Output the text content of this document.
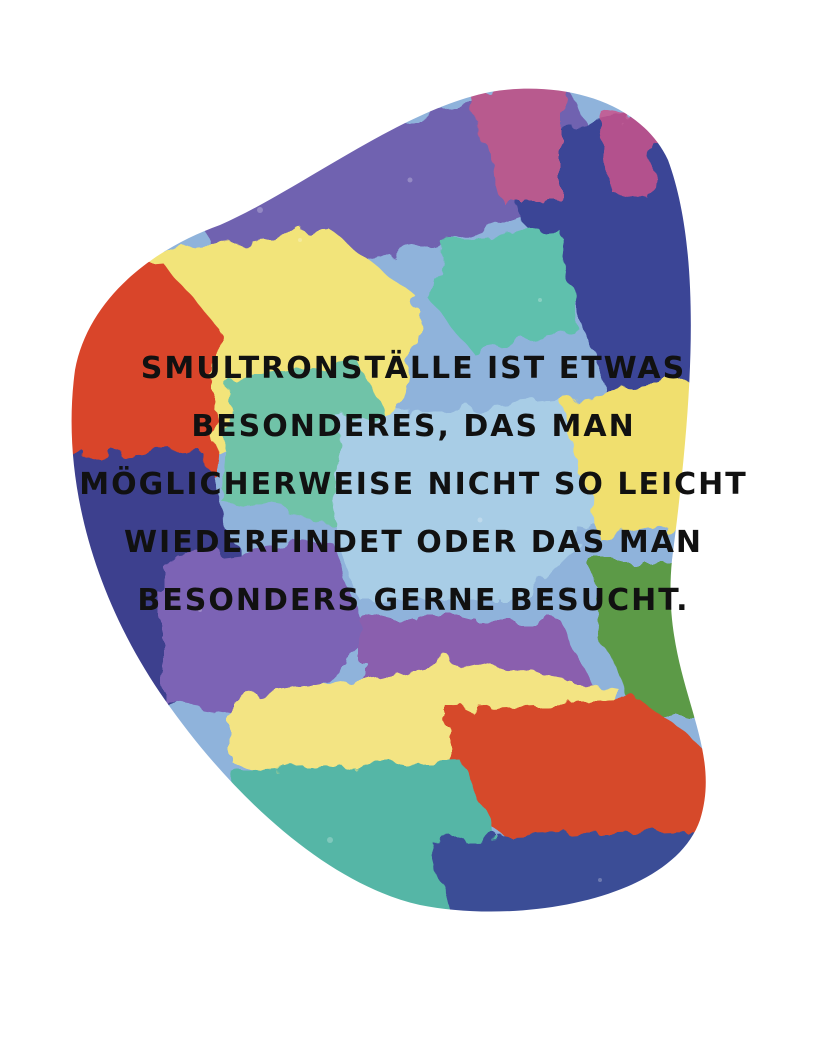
SMULTRONSTÄLLE IST ETWAS
BESONDERES, DAS MAN
MÖGLICHERWEISE NICHT SO LEICHT
WIEDERFINDET ODER DAS MAN
BESONDERS GERNE BESUCHT.
